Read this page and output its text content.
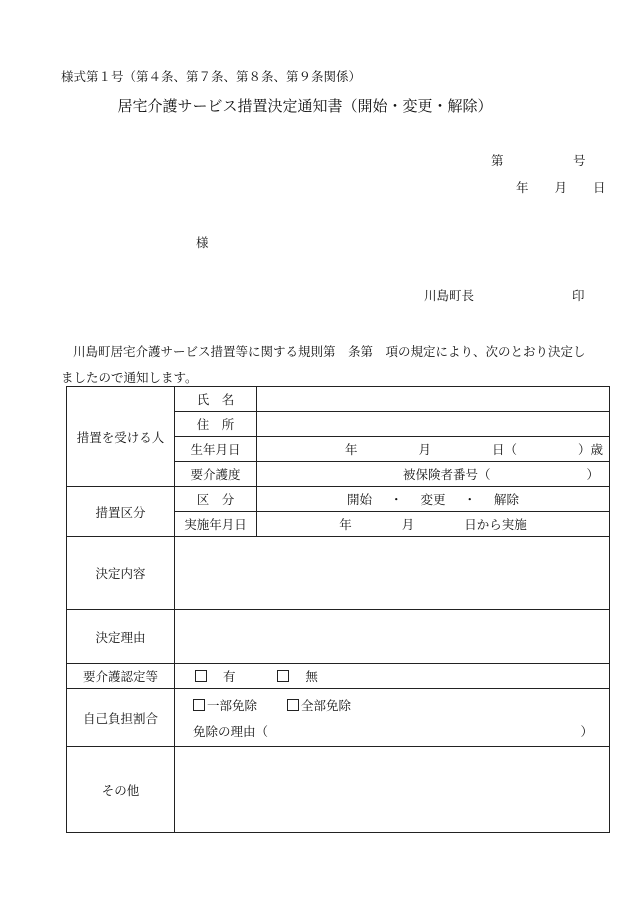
様式第１号（第４条、第７条、第８条、第９条関係）
居宅介護サービス措置決定通知書（開始・変更・解除）
第	号
年 月 日
様
川島町長	印
川島町居宅介護サービス措置等に関する規則第　条第　項の規定により、次のとおり決定しましたので通知します。
措置を受ける人	氏　名	
	住　所	
	生年月日	年 月 日（ ）歳

	要介護度	被保険者番号（ ）

措置区分	区　分	開始 ・ 変更 ・ 解除
	実施年月日	年 月 日から実施
決定内容		
決定理由		
要介護認定等	有 無	
自己負担割合	一部免除 全部免除
免除の理由（ ）	

その他		
